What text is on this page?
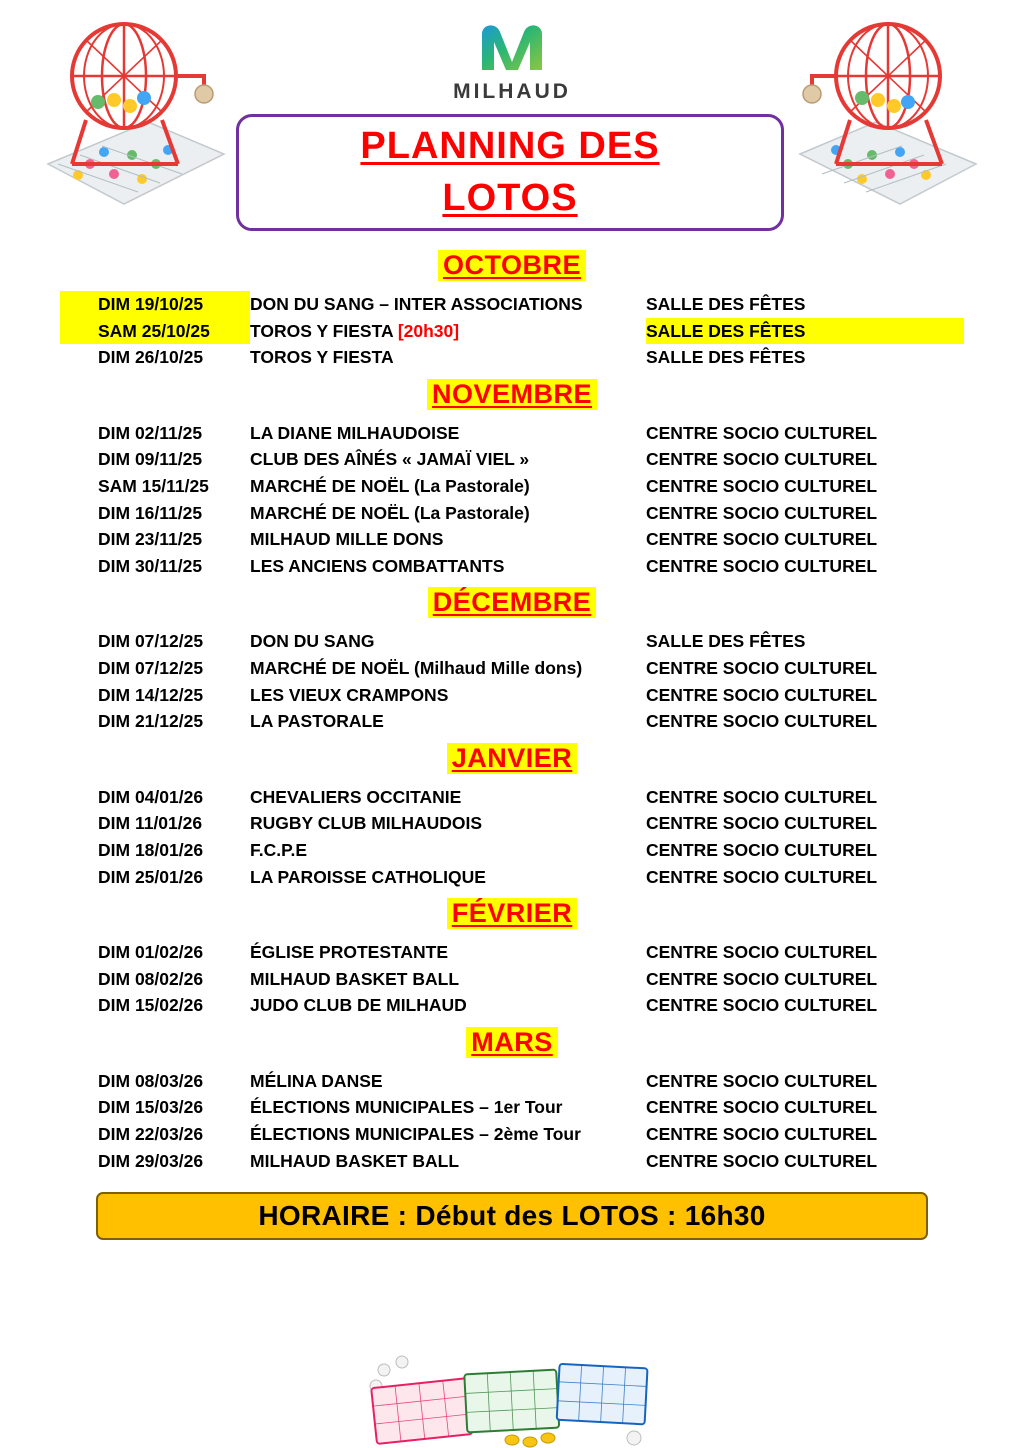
MILHAUD
PLANNING DES
LOTOS
OCTOBRE
DIM 19/10/25	DON DU SANG – INTER ASSOCIATIONS	SALLE DES FÊTES
SAM 25/10/25	TOROS Y FIESTA [20h30]	SALLE DES FÊTES
DIM 26/10/25	TOROS Y FIESTA	SALLE DES FÊTES
NOVEMBRE
DIM 02/11/25	LA DIANE MILHAUDOISE	CENTRE SOCIO CULTUREL
DIM 09/11/25	CLUB DES AÎNÉS « JAMAÏ VIEL »	CENTRE SOCIO CULTUREL
SAM 15/11/25	MARCHÉ DE NOËL (La Pastorale)	CENTRE SOCIO CULTUREL
DIM 16/11/25	MARCHÉ DE NOËL (La Pastorale)	CENTRE SOCIO CULTUREL
DIM 23/11/25	MILHAUD MILLE DONS	CENTRE SOCIO CULTUREL
DIM 30/11/25	LES ANCIENS COMBATTANTS	CENTRE SOCIO CULTUREL
DÉCEMBRE
DIM 07/12/25	DON DU SANG	SALLE DES FÊTES
DIM 07/12/25	MARCHÉ DE NOËL (Milhaud Mille dons)	CENTRE SOCIO CULTUREL
DIM 14/12/25	LES VIEUX CRAMPONS	CENTRE SOCIO CULTUREL
DIM 21/12/25	LA PASTORALE	CENTRE SOCIO CULTUREL
JANVIER
DIM 04/01/26	CHEVALIERS OCCITANIE	CENTRE SOCIO CULTUREL
DIM 11/01/26	RUGBY CLUB MILHAUDOIS	CENTRE SOCIO CULTUREL
DIM 18/01/26	F.C.P.E	CENTRE SOCIO CULTUREL
DIM 25/01/26	LA PAROISSE CATHOLIQUE	CENTRE SOCIO CULTUREL
FÉVRIER
DIM 01/02/26	ÉGLISE PROTESTANTE	CENTRE SOCIO CULTUREL
DIM 08/02/26	MILHAUD BASKET BALL	CENTRE SOCIO CULTUREL
DIM 15/02/26	JUDO CLUB DE MILHAUD	CENTRE SOCIO CULTUREL
MARS
DIM 08/03/26	MÉLINA DANSE	CENTRE SOCIO CULTUREL
DIM 15/03/26	ÉLECTIONS MUNICIPALES – 1er Tour	CENTRE SOCIO CULTUREL
DIM 22/03/26	ÉLECTIONS MUNICIPALES – 2ème Tour	CENTRE SOCIO CULTUREL
DIM 29/03/26	MILHAUD BASKET BALL	CENTRE SOCIO CULTUREL
HORAIRE : Début des LOTOS : 16h30
